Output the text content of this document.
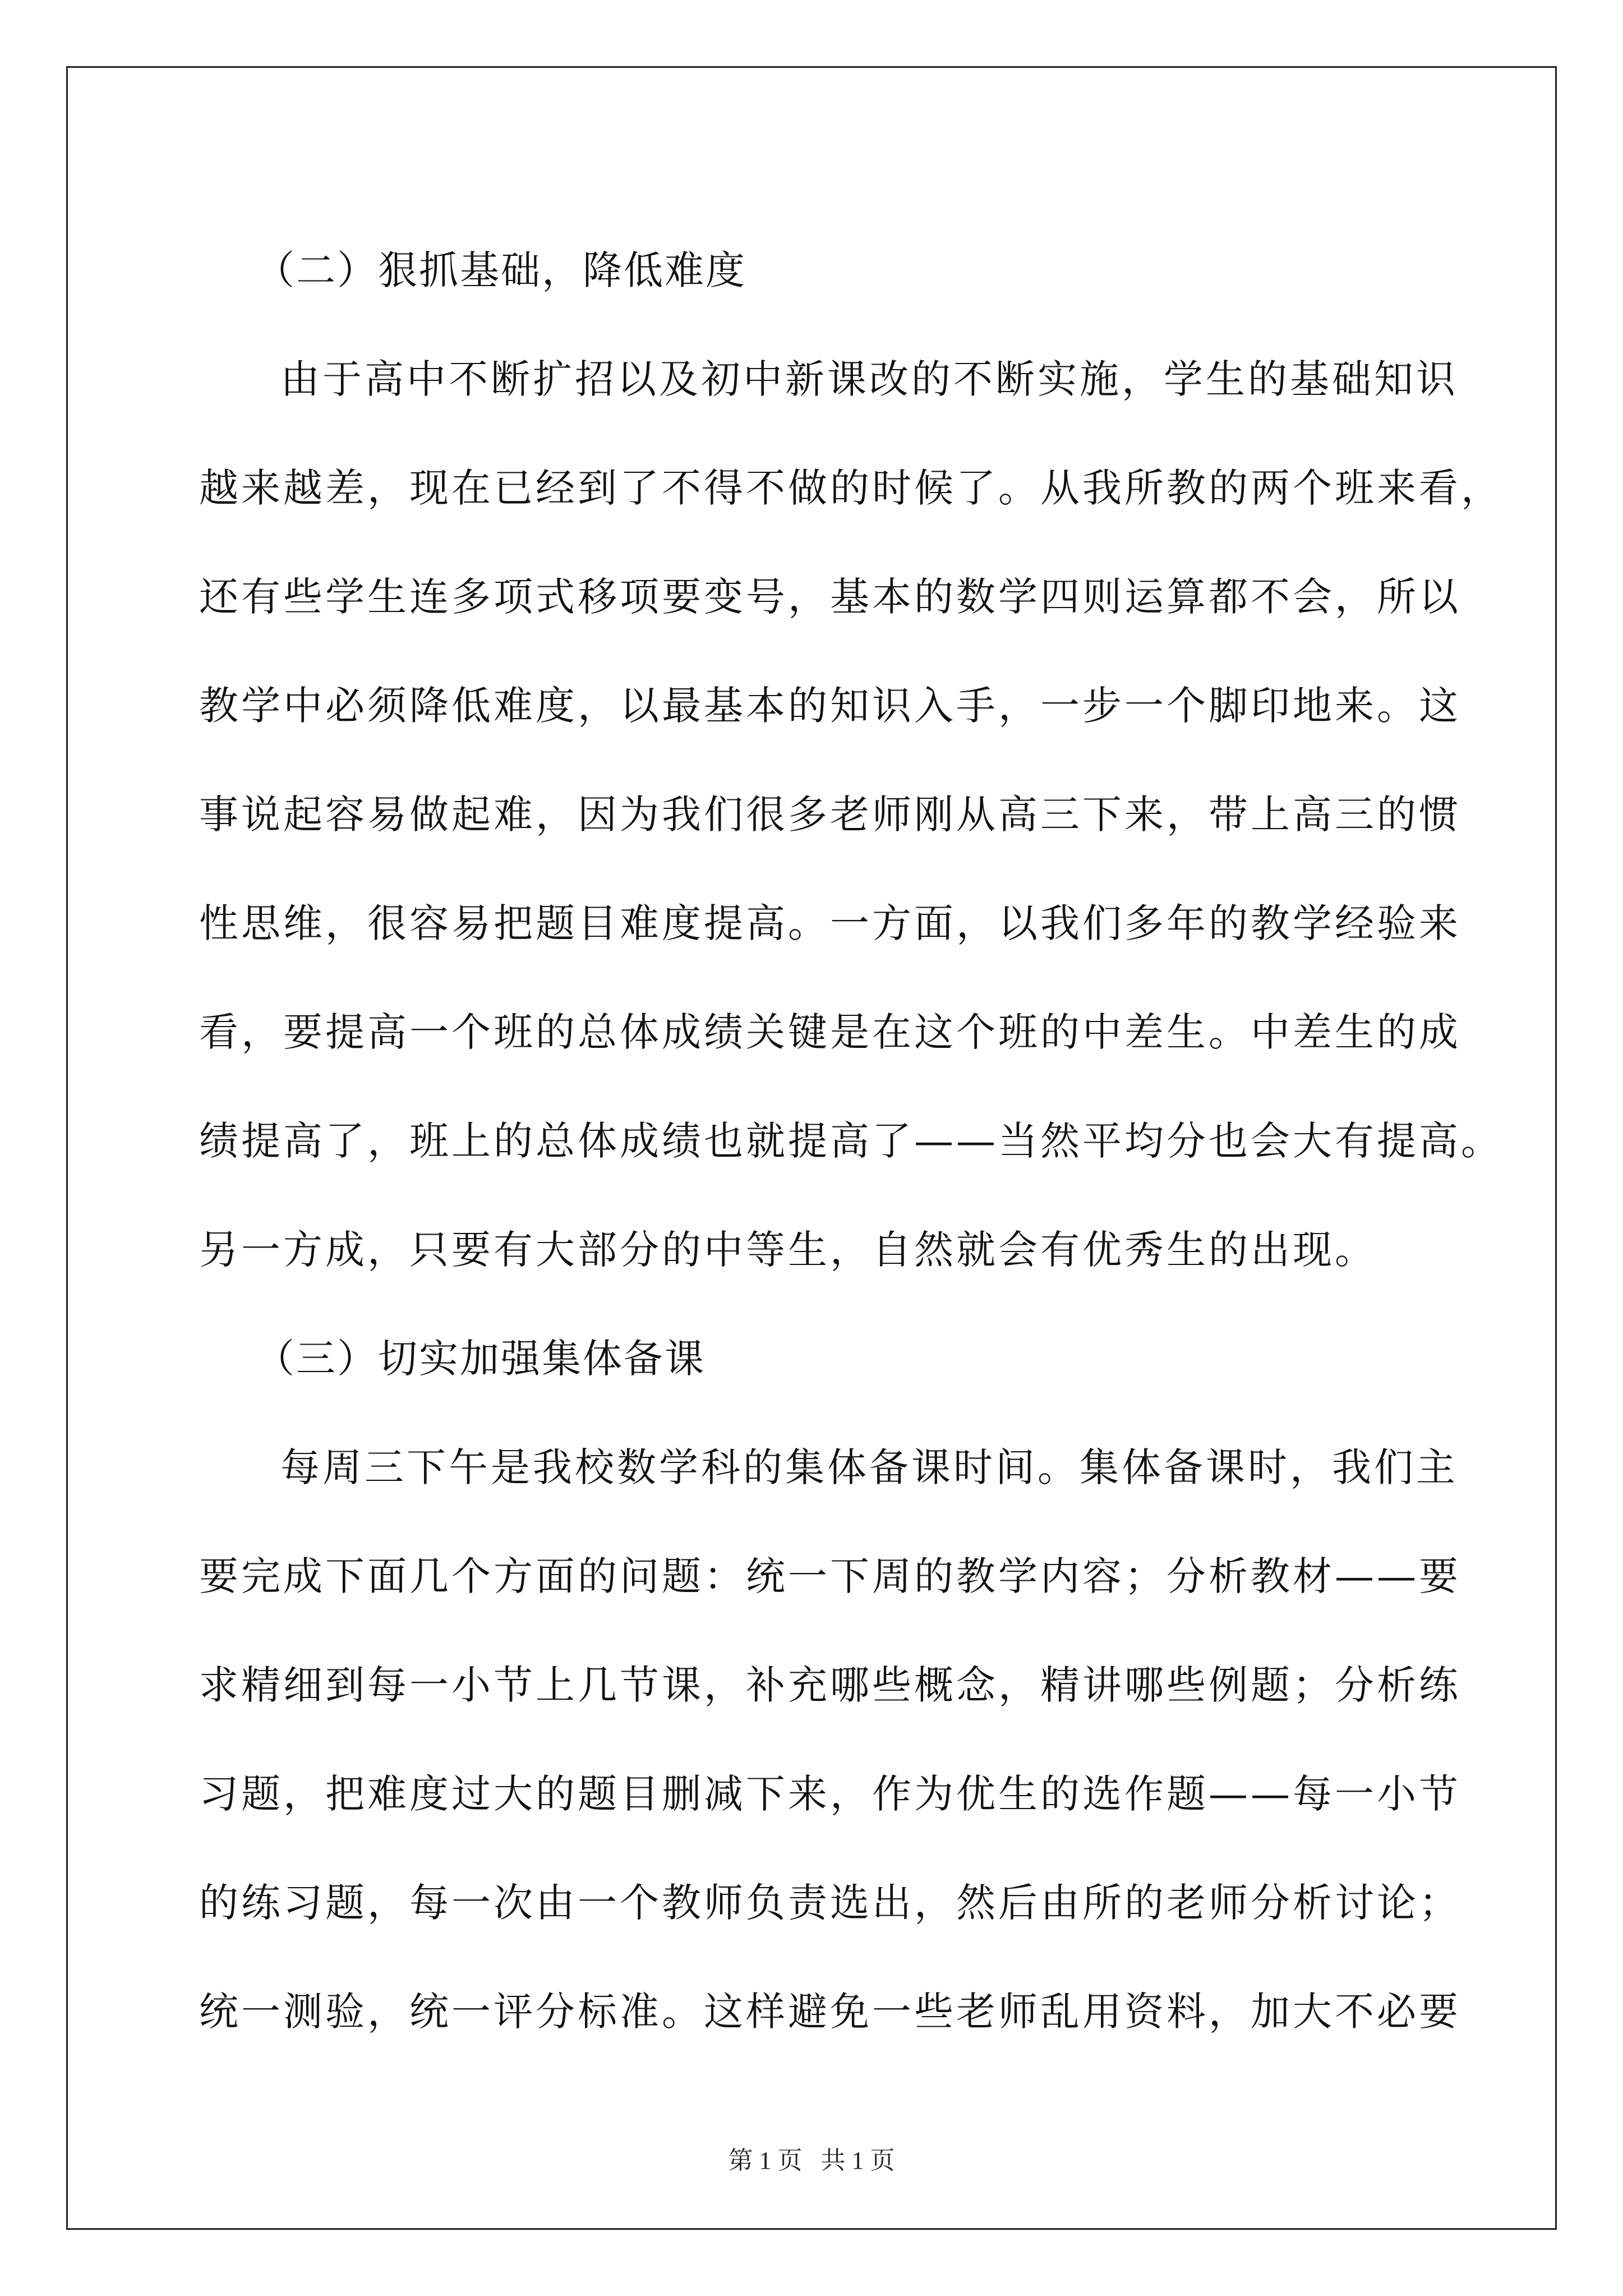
（二）狠抓基础，降低难度
由于高中不断扩招以及初中新课改的不断实施，学生的基础知识
越来越差，现在已经到了不得不做的时候了。从我所教的两个班来看，
还有些学生连多项式移项要变号，基本的数学四则运算都不会，所以
教学中必须降低难度，以最基本的知识入手，一步一个脚印地来。这
事说起容易做起难，因为我们很多老师刚从高三下来，带上高三的惯
性思维，很容易把题目难度提高。一方面，以我们多年的教学经验来
看，要提高一个班的总体成绩关键是在这个班的中差生。中差生的成
绩提高了，班上的总体成绩也就提高了——当然平均分也会大有提高。
另一方成，只要有大部分的中等生，自然就会有优秀生的出现。
（三）切实加强集体备课
每周三下午是我校数学科的集体备课时间。集体备课时，我们主
要完成下面几个方面的问题：统一下周的教学内容；分析教材——要
求精细到每一小节上几节课，补充哪些概念，精讲哪些例题；分析练
习题，把难度过大的题目删减下来，作为优生的选作题——每一小节
的练习题，每一次由一个教师负责选出，然后由所的老师分析讨论；
统一测验，统一评分标准。这样避免一些老师乱用资料，加大不必要
第 1 页   共 1 页
